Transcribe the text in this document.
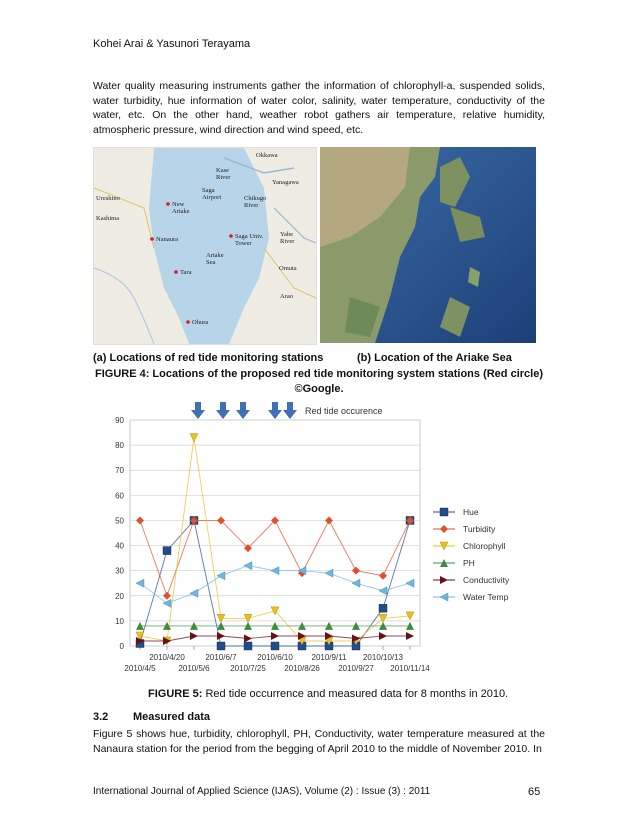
Kohei Arai & Yasunori Terayama
Water quality measuring instruments gather the information of chlorophyll-a, suspended solids, water turbidity, hue information of water color, salinity, water temperature, conductivity of the water, etc. On the other hand, weather robot gathers air temperature, relative humidity, atmospheric pressure, wind direction and wind speed, etc.
Okkawa
Kase River
Yanagawa
Saga Airport	Chikugo River
Ureshino
Kashima
New Ariake
Nanaura	Saga Univ. Tower
Yabe River
Ariake Sea
Omuta
Tara
Arao
Ohura
(a) Locations of red tide monitoring stations	(b) Location of the Ariake Sea
FIGURE 4: Locations of the proposed red tide monitoring system stations (Red circle)
©Google.
0
10
20
30
40
50
60
70
80
90
2010/4/20	2010/6/7	2010/6/10 2010/9/11 2010/10/13
2010/4/5	2010/5/6	2010/7/25 2010/8/26 2010/9/27 2010/11/14
Red tide occurence
Hue
Turbidity
Chlorophyll
PH
Conductivity
Water Temp
FIGURE 5: Red tide occurrence and measured data for 8 months in 2010.
3.2 Measured data
Figure 5 shows hue, turbidity, chlorophyll, PH, Conductivity, water temperature measured at the Nanaura station for the period from the begging of April 2010 to the middle of November 2010. In
International Journal of Applied Science (IJAS), Volume (2) : Issue (3) : 2011	65
